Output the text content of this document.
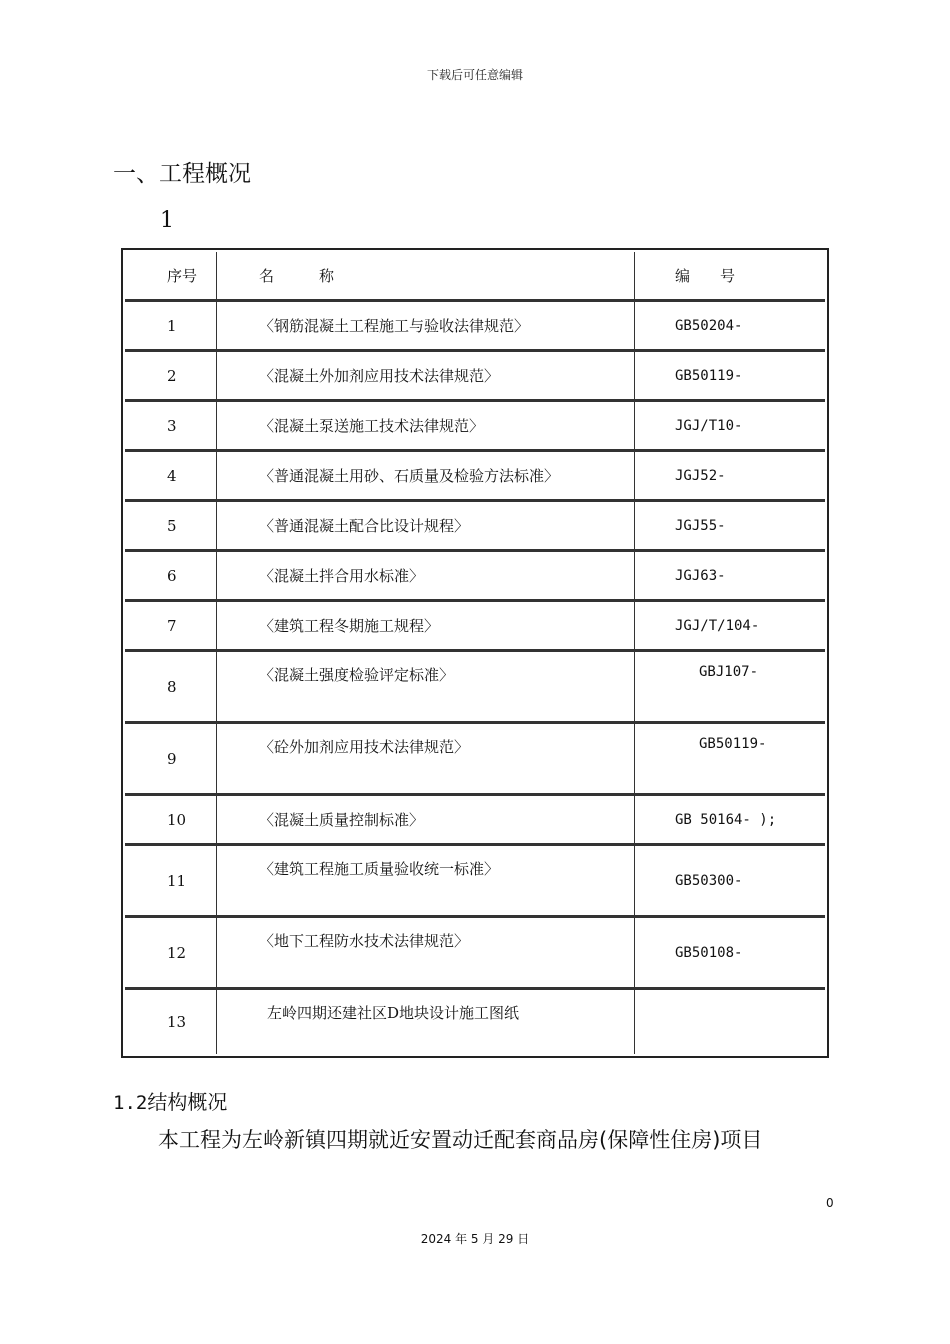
下载后可任意编辑
一、工程概况
1
序号	名　　　称	编　　号
1	〈钢筋混凝土工程施工与验收法律规范〉	GB50204-
2	〈混凝土外加剂应用技术法律规范〉	GB50119-
3	〈混凝土泵送施工技术法律规范〉	JGJ/T10-
4	〈普通混凝土用砂、石质量及检验方法标准〉	JGJ52-
5	〈普通混凝土配合比设计规程〉	JGJ55-
6	〈混凝土拌合用水标准〉	JGJ63-
7	〈建筑工程冬期施工规程〉	JGJ/T/104-
8	〈混凝土强度检验评定标准〉	GBJ107-
9	〈砼外加剂应用技术法律规范〉	GB50119-
10	〈混凝土质量控制标准〉	GB 50164- );
11	〈建筑工程施工质量验收统一标准〉	GB50300-
12	〈地下工程防水技术法律规范〉	GB50108-
13	左岭四期还建社区D地块设计施工图纸	
1.2结构概况
本工程为左岭新镇四期就近安置动迁配套商品房(保障性住房)项目
0
2024 年 5 月 29 日
